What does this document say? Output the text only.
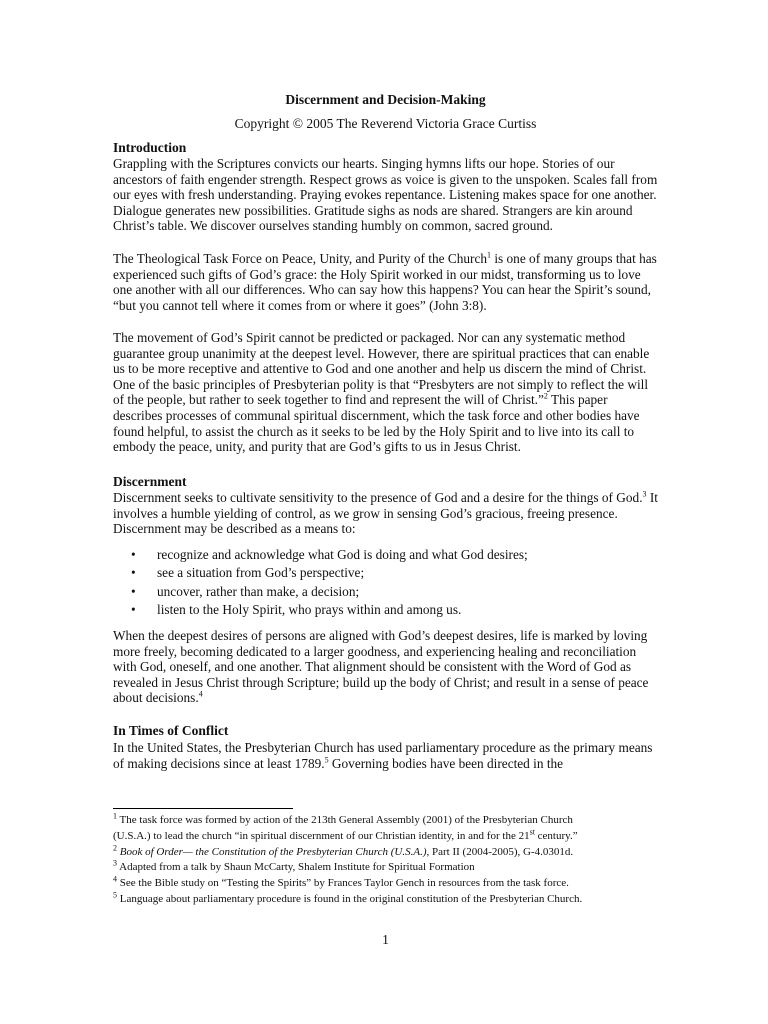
Discernment and Decision-Making
Copyright © 2005 The Reverend Victoria Grace Curtiss
Introduction
Grappling with the Scriptures convicts our hearts. Singing hymns lifts our hope. Stories of our ancestors of faith engender strength. Respect grows as voice is given to the unspoken. Scales fall from our eyes with fresh understanding. Praying evokes repentance. Listening makes space for one another. Dialogue generates new possibilities. Gratitude sighs as nods are shared. Strangers are kin around Christ’s table. We discover ourselves standing humbly on common, sacred ground.
The Theological Task Force on Peace, Unity, and Purity of the Church$^1$ is one of many groups that has experienced such gifts of God’s grace: the Holy Spirit worked in our midst, transforming us to love one another with all our differences. Who can say how this happens? You can hear the Spirit’s sound, “but you cannot tell where it comes from or where it goes” (John 3:8).
The movement of God’s Spirit cannot be predicted or packaged. Nor can any systematic method guarantee group unanimity at the deepest level. However, there are spiritual practices that can enable us to be more receptive and attentive to God and one another and help us discern the mind of Christ. One of the basic principles of Presbyterian polity is that “Presbyters are not simply to reflect the will of the people, but rather to seek together to find and represent the will of Christ.”$^2$ This paper describes processes of communal spiritual discernment, which the task force and other bodies have found helpful, to assist the church as it seeks to be led by the Holy Spirit and to live into its call to embody the peace, unity, and purity that are God’s gifts to us in Jesus Christ.
Discernment
Discernment seeks to cultivate sensitivity to the presence of God and a desire for the things of God.$^3$ It involves a humble yielding of control, as we grow in sensing God’s gracious, freeing presence. Discernment may be described as a means to:
• recognize and acknowledge what God is doing and what God desires;
• see a situation from God’s perspective;
• uncover, rather than make, a decision;
• listen to the Holy Spirit, who prays within and among us.
When the deepest desires of persons are aligned with God’s deepest desires, life is marked by loving more freely, becoming dedicated to a larger goodness, and experiencing healing and reconciliation with God, oneself, and one another. That alignment should be consistent with the Word of God as revealed in Jesus Christ through Scripture; build up the body of Christ; and result in a sense of peace about decisions.$^4$
In Times of Conflict
In the United States, the Presbyterian Church has used parliamentary procedure as the primary means of making decisions since at least 1789.$^5$ Governing bodies have been directed in the
$^1$ The task force was formed by action of the 213th General Assembly (2001) of the Presbyterian Church
(U.S.A.) to lead the church “in spiritual discernment of our Christian identity, in and for the 21st century.”
$^2$ Book of Order— the Constitution of the Presbyterian Church (U.S.A.), Part II (2004-2005), G-4.0301d.
$^3$ Adapted from a talk by Shaun McCarty, Shalem Institute for Spiritual Formation
$^4$ See the Bible study on “Testing the Spirits” by Frances Taylor Gench in resources from the task force.
$^5$ Language about parliamentary procedure is found in the original constitution of the Presbyterian Church.
1
